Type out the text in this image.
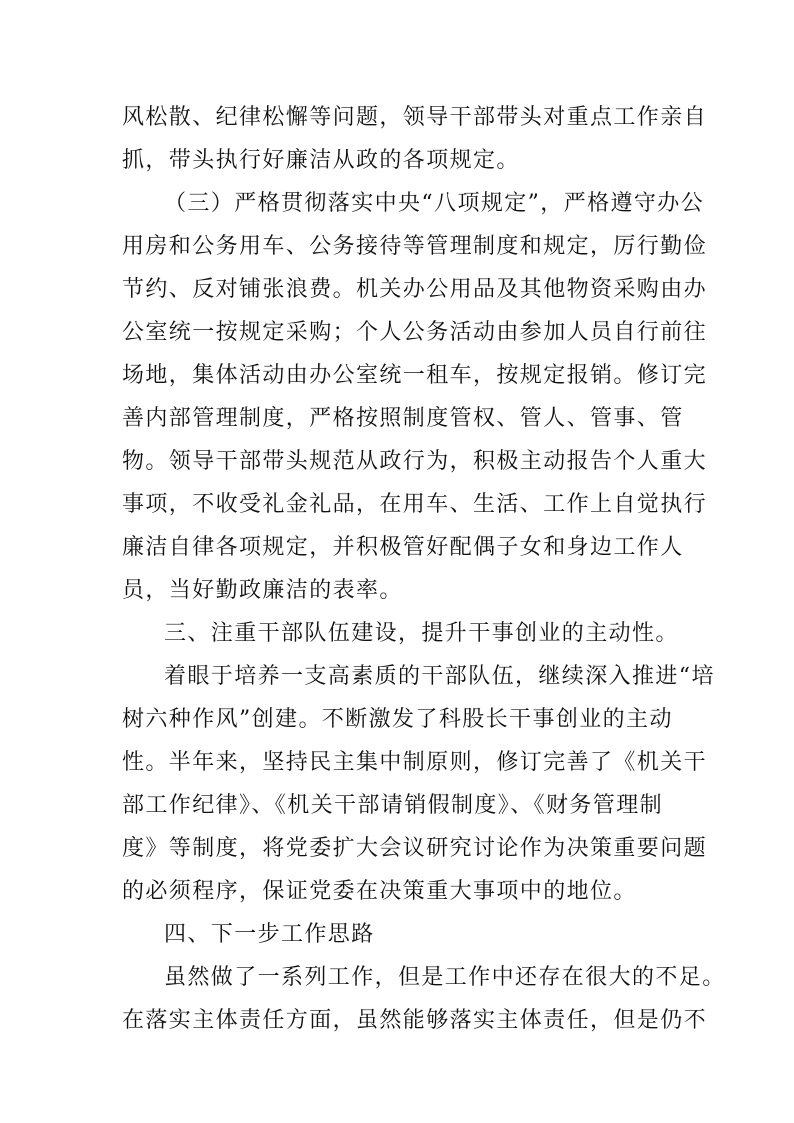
风松散、纪律松懈等问题，领导干部带头对重点工作亲自
抓，带头执行好廉洁从政的各项规定。
（三）严格贯彻落实中央“八项规定”，严格遵守办公
用房和公务用车、公务接待等管理制度和规定，厉行勤俭
节约、反对铺张浪费。机关办公用品及其他物资采购由办
公室统一按规定采购；个人公务活动由参加人员自行前往
场地，集体活动由办公室统一租车，按规定报销。修订完
善内部管理制度，严格按照制度管权、管人、管事、管
物。领导干部带头规范从政行为，积极主动报告个人重大
事项，不收受礼金礼品，在用车、生活、工作上自觉执行
廉洁自律各项规定，并积极管好配偶子女和身边工作人
员，当好勤政廉洁的表率。
三、注重干部队伍建设，提升干事创业的主动性。
着眼于培养一支高素质的干部队伍，继续深入推进“培
树六种作风”创建。不断激发了科股长干事创业的主动
性。半年来，坚持民主集中制原则，修订完善了《机关干
部工作纪律》、《机关干部请销假制度》、《财务管理制
度》等制度，将党委扩大会议研究讨论作为决策重要问题
的必须程序，保证党委在决策重大事项中的地位。
四、下一步工作思路
虽然做了一系列工作，但是工作中还存在很大的不足。
在落实主体责任方面，虽然能够落实主体责任，但是仍不
